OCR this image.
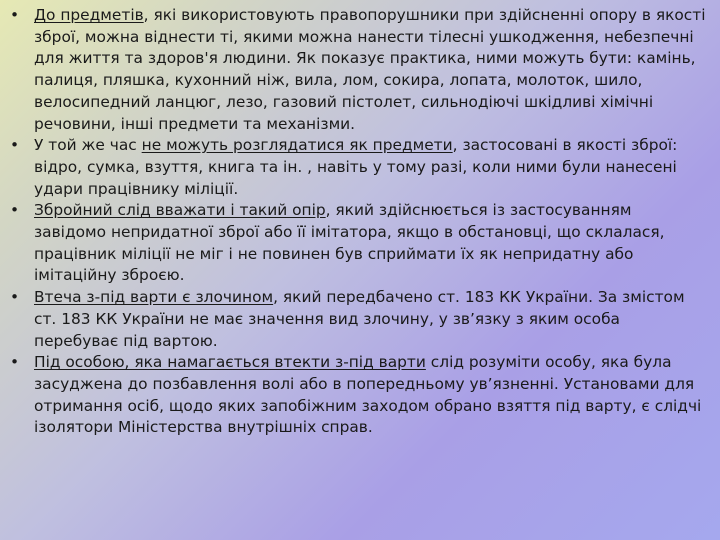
• До предметів, які використовують правопорушники при здійсненні опору в якості зброї, можна віднести ті, якими можна нанести тілесні ушкодження, небезпечні для життя та здоров'я людини. Як показує практика, ними можуть бути: камінь, палиця, пляшка, кухонний ніж, вила, лом, сокира, лопата, молоток, шило, велосипедний ланцюг, лезо, газовий пістолет, сильнодіючі шкідливі хімічні речовини, інші предмети та механізми.
• У той же час не можуть розглядатися як предмети, застосовані в якості зброї: відро, сумка, взуття, книга та ін. , навіть у тому разі, коли ними були нанесені удари працівнику міліції.
• Збройний слід вважати і такий опір, який здійснюється із застосуванням завідомо непридатної зброї або її імітатора, якщо в обстановці, що склалася, працівник міліції не міг і не повинен був сприймати їх як непридатну або імітаційну зброєю.
• Втеча з-під варти є злочином, який передбачено ст. 183 КК України. За змістом ст. 183 КК України не має значення вид злочину, у зв’язку з яким особа перебуває під вартою.
• Під особою, яка намагається втекти з-під варти слід розуміти особу, яка була засуджена до позбавлення волі або в попередньому ув’язненні. Установами для отримання осіб, щодо яких запобіжним заходом обрано взяття під варту, є слідчі ізолятори Міністерства внутрішніх справ.
